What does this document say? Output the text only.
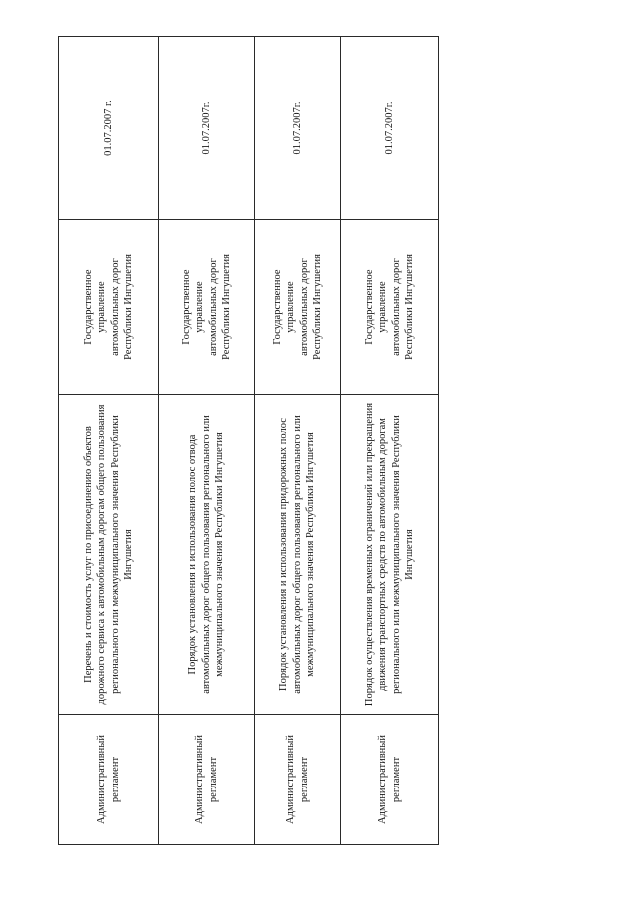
Административный регламент	Перечень и стоимость услуг по присоединению объектов дорожного сервиса к автомобильным дорогам общего пользования регионального или межмуниципального значения Республики Ингушетия	Государственное управление автомобильных дорог Республики Ингушетия	01.07.2007 г.

Административный регламент	Порядок установления и использования полос отвода автомобильных дорог общего пользования регионального или межмуниципального значения Республики Ингушетия	Государственное управление автомобильных дорог Республики Ингушетия	01.07.2007г.

Административный регламент	Порядок установления и использования придорожных полос автомобильных дорог общего пользования регионального или межмуниципального значения Республики Ингушетия	Государственное управление автомобильных дорог Республики Ингушетия	01.07.2007г.

Административный регламент	Порядок осуществления временных ограничений или прекращения движения транспортных средств по автомобильным дорогам регионального или межмуниципального значения Республики Ингушетия	Государственное управление автомобильных дорог Республики Ингушетия	01.07.2007г.
